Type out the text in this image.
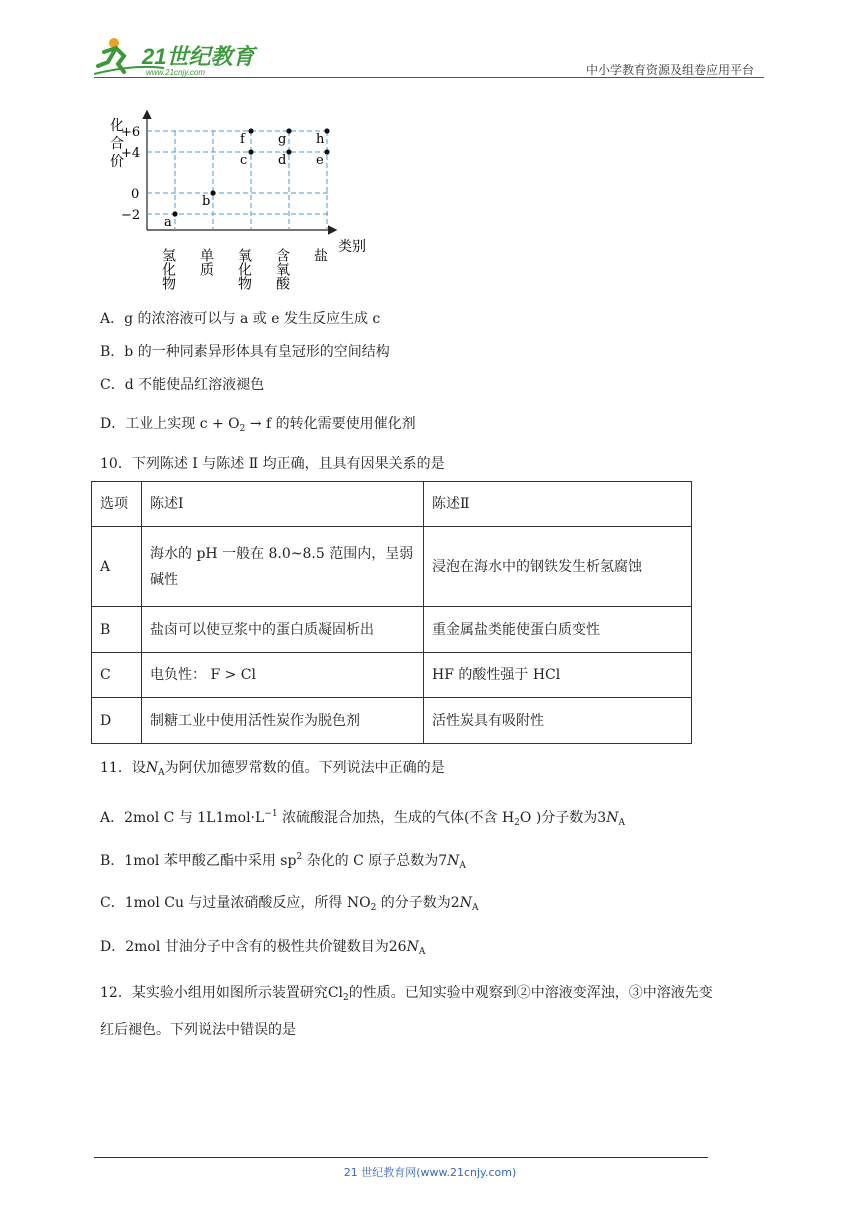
21世纪教育
www.21cnjy.com	中小学教育资源及组卷应用平台
化
合
价
+6
+4
0
−2
氢化物 单质 氧化物 含氧酸 盐 类别
a
b
c
f
d
g
e
h
A．g 的浓溶液可以与 a 或 e 发生反应生成 c
B．b 的一种同素异形体具有皇冠形的空间结构
C．d 不能使品红溶液褪色
D．工业上实现 $c + O_2 \to f$ 的转化需要使用催化剂
10．下列陈述 Ⅰ 与陈述 Ⅱ 均正确，且具有因果关系的是
选项	陈述Ⅰ	陈述Ⅱ
A	海水的 pH 一般在 8.0~8.5 范围内，呈弱碱性	浸泡在海水中的钢铁发生析氢腐蚀
B	盐卤可以使豆浆中的蛋白质凝固析出	重金属盐类能使蛋白质变性
C	电负性： F > Cl	HF 的酸性强于 HCl
D	制糖工业中使用活性炭作为脱色剂	活性炭具有吸附性
11．设$N_A$为阿伏加德罗常数的值。下列说法中正确的是
A．2mol C 与 $1L1mol\cdot L^{-1}$ 浓硫酸混合加热，生成的气体(不含 $H_2O$ )分子数为$3N_A$
B．1mol 苯甲酸乙酯中采用 $sp^2$ 杂化的 C 原子总数为$7N_A$
C．1mol Cu 与过量浓硝酸反应，所得 $NO_2$ 的分子数为$2N_A$
D．2mol 甘油分子中含有的极性共价键数目为$26N_A$
12．某实验小组用如图所示装置研究$Cl_2$的性质。已知实验中观察到②中溶液变浑浊，③中溶液先变
红后褪色。下列说法中错误的是
21 世纪教育网(www.21cnjy.com)
